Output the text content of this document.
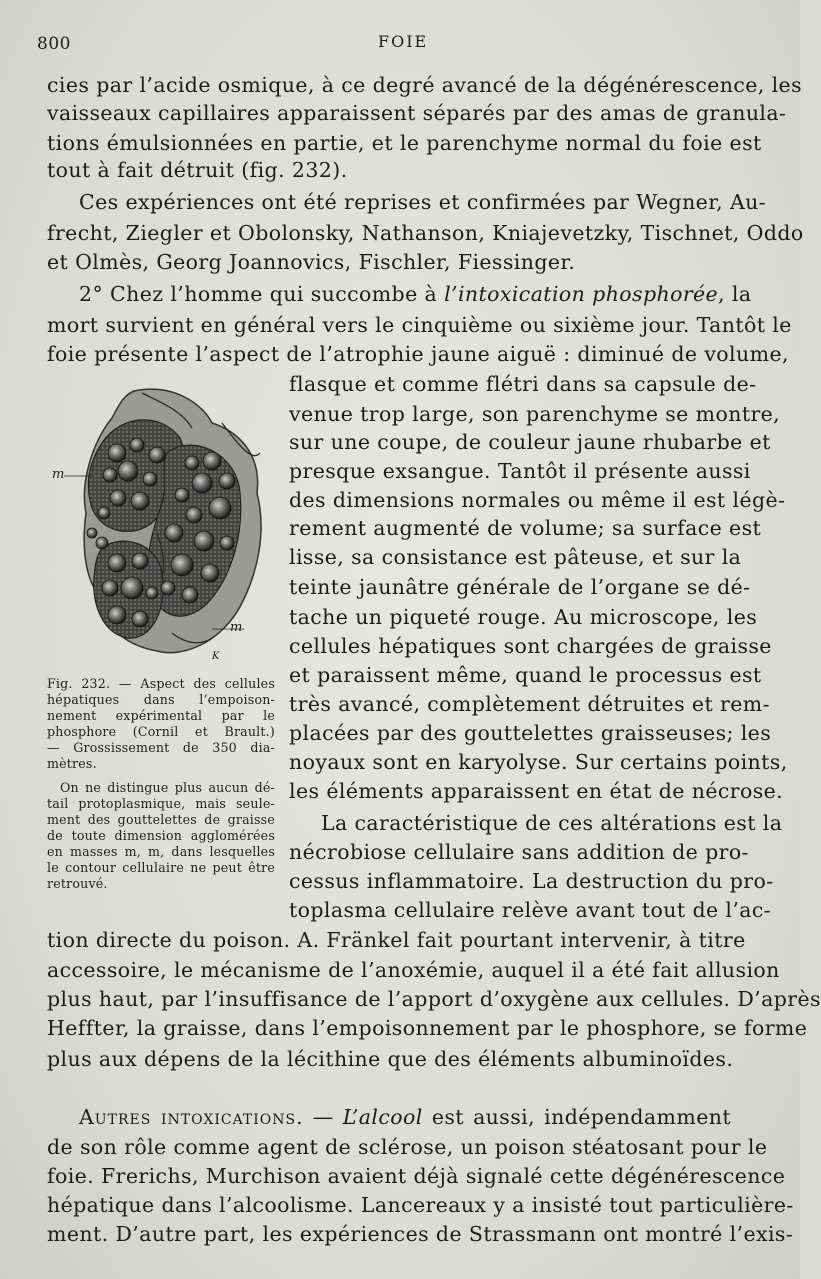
800	FOIE
cies par l’acide osmique, à ce degré avancé de la dégénérescence, les
vaisseaux capillaires apparaissent séparés par des amas de granula-
tions émulsionnées en partie, et le parenchyme normal du foie est
tout à fait détruit (fig. 232).
Ces expériences ont été reprises et confirmées par Wegner, Au-
frecht, Ziegler et Obolonsky, Nathanson, Kniajevetzky, Tischnet, Oddo
et Olmès, Georg Joannovics, Fischler, Fiessinger.
2° Chez l’homme qui succombe à l’intoxication phosphorée, la
mort survient en général vers le cinquième ou sixième jour. Tantôt le
foie présente l’aspect de l’atrophie jaune aiguë : diminué de volume,
flasque et comme flétri dans sa capsule de-
venue trop large, son parenchyme se montre,
sur une coupe, de couleur jaune rhubarbe et
presque exsangue. Tantôt il présente aussi
des dimensions normales ou même il est légè-
rement augmenté de volume; sa surface est
lisse, sa consistance est pâteuse, et sur la
teinte jaunâtre générale de l’organe se dé-
tache un piqueté rouge. Au microscope, les
cellules hépatiques sont chargées de graisse
et paraissent même, quand le processus est
très avancé, complètement détruites et rem-
placées par des gouttelettes graisseuses; les
noyaux sont en karyolyse. Sur certains points,
les éléments apparaissent en état de nécrose.
La caractéristique de ces altérations est la
nécrobiose cellulaire sans addition de pro-
cessus inflammatoire. La destruction du pro-
toplasma cellulaire relève avant tout de l’ac-
tion directe du poison. A. Fränkel fait pourtant intervenir, à titre
accessoire, le mécanisme de l’anoxémie, auquel il a été fait allusion
plus haut, par l’insuffisance de l’apport d’oxygène aux cellules. D’après
Heffter, la graisse, dans l’empoisonnement par le phosphore, se forme
plus aux dépens de la lécithine que des éléments albuminoïdes.
Autres intoxications. — L’alcool est aussi, indépendamment
de son rôle comme agent de sclérose, un poison stéatosant pour le
foie. Frerichs, Murchison avaient déjà signalé cette dégénérescence
hépatique dans l’alcoolisme. Lancereaux y a insisté tout particulière-
ment. D’autre part, les expériences de Strassmann ont montré l’exis-
m
m
K
Fig. 232. — Aspect des cellules
hépatiques dans l’empoison-
nement expérimental par le
phosphore (Cornil et Brault.)
— Grossissement de 350 dia-
mètres.
On ne distingue plus aucun dé-
tail protoplasmique, mais seule-
ment des gouttelettes de graisse
de toute dimension agglomérées
en masses m, m, dans lesquelles
le contour cellulaire ne peut être
retrouvé.
